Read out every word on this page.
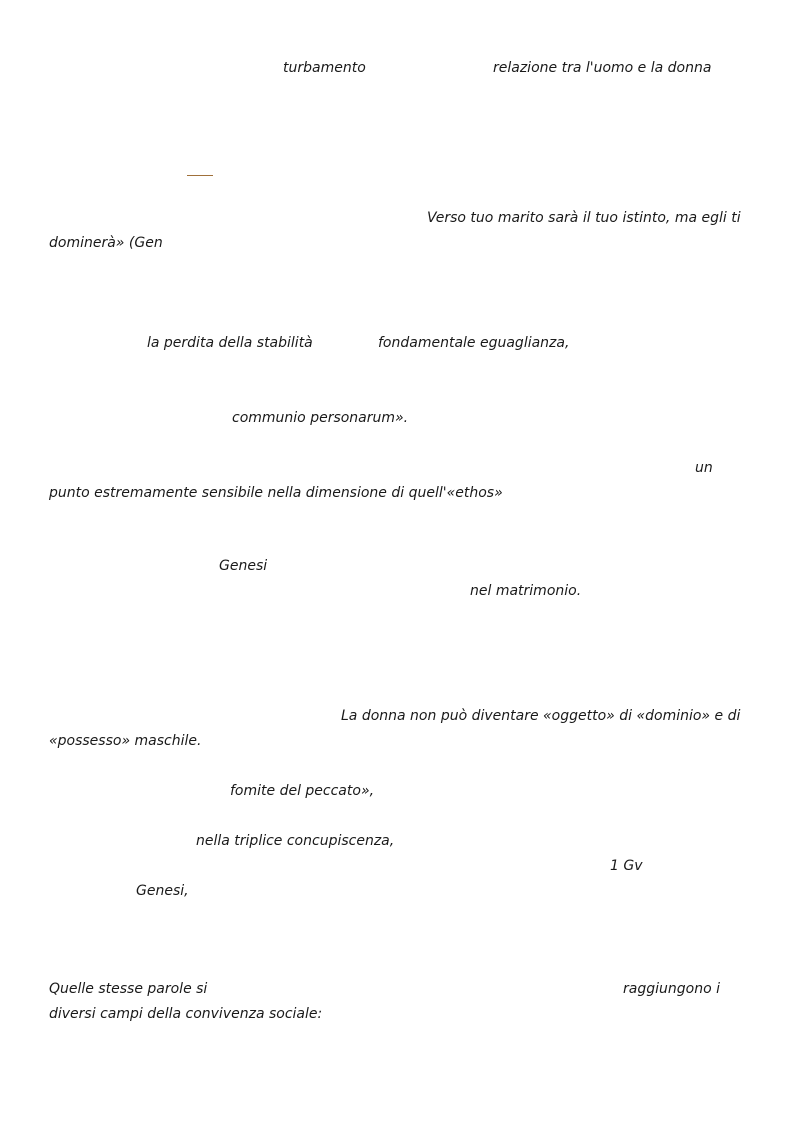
turbamento	relazione tra l'uomo e la donna
Verso tuo marito sarà il tuo istinto, ma egli ti
dominerà» (Gen
la perdita della stabilità	fondamentale eguaglianza,
communio personarum».
un
punto estremamente sensibile nella dimensione di quell'«ethos»
Genesi
nel matrimonio.
La donna non può diventare «oggetto» di «dominio» e di
«possesso» maschile.
fomite del peccato»,
nella triplice concupiscenza,
1 Gv
Genesi,
Quelle stesse parole si	raggiungono i
diversi campi della convivenza sociale:
